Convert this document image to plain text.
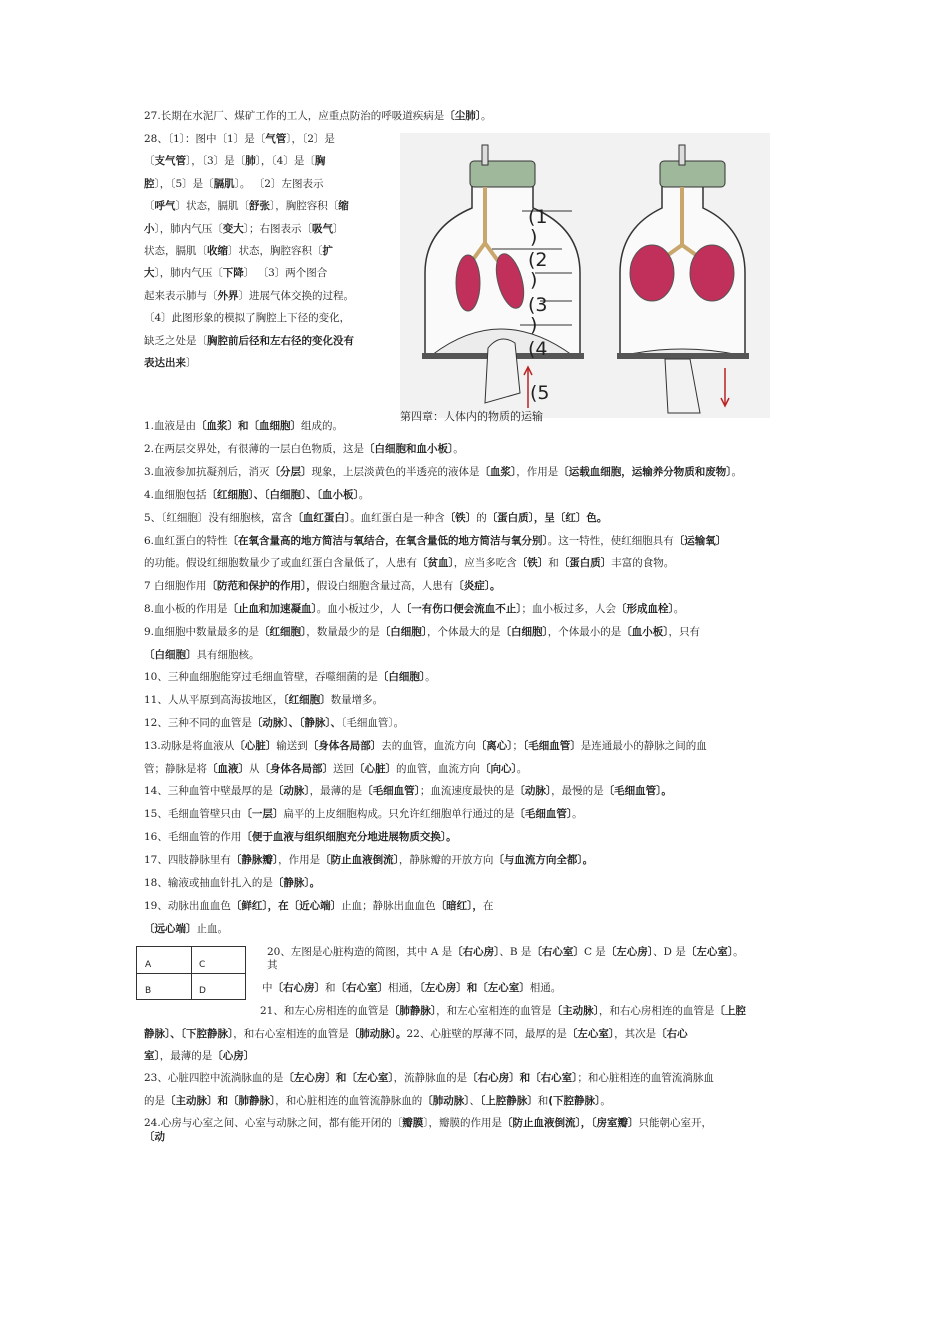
27.长期在水泥厂、煤矿工作的工人，应重点防治的呼吸道疾病是〔尘肺〕。
28、〔1〕：图中〔1〕是〔气管〕，〔2〕是
〔支气管〕，〔3〕是〔肺〕，〔4〕是〔胸
腔〕，〔5〕是〔膈肌〕。 〔2〕左图表示
〔呼气〕状态，膈肌〔舒张〕，胸腔容积〔缩
小〕，肺内气压〔变大〕；右图表示〔吸气〕
状态，膈肌〔收缩〕状态，胸腔容积〔扩
大〕，肺内气压〔下降〕 〔3〕两个图合
起来表示肺与〔外界〕进展气体交换的过程。
〔4〕此图形象的模拟了胸腔上下径的变化，
缺乏之处是〔胸腔前后径和左右径的变化没有
表达出来〕
(1
)
(2
)
(3
)
(4
(5
第四章：人体内的物质的运输
1.血液是由〔血浆〕和〔血细胞〕组成的。
2.在两层交界处，有很薄的一层白色物质，这是〔白细胞和血小板〕。
3.血液参加抗凝剂后，消灭〔分层〕现象，上层淡黄色的半透亮的液体是〔血浆〕，作用是〔运载血细胞，运输养分物质和废物〕。
4.血细胞包括〔红细胞〕、〔白细胞〕、〔血小板〕。
5、〔红细胞〕没有细胞核，富含〔血红蛋白〕。血红蛋白是一种含〔铁〕的〔蛋白质〕，呈〔红〕色。
6.血红蛋白的特性〔在氧含量高的地方简洁与氧结合，在氧含量低的地方简洁与氧分别〕。这一特性，使红细胞具有〔运输氧〕
的功能。假设红细胞数量少了或血红蛋白含量低了，人患有〔贫血〕，应当多吃含〔铁〕和〔蛋白质〕丰富的食物。
7 白细胞作用〔防范和保护的作用〕，假设白细胞含量过高，人患有〔炎症〕。
8.血小板的作用是〔止血和加速凝血〕。血小板过少，人〔一有伤口便会流血不止〕；血小板过多，人会〔形成血栓〕。
9.血细胞中数量最多的是〔红细胞〕，数量最少的是〔白细胞〕，个体最大的是〔白细胞〕，个体最小的是〔血小板〕，只有
〔白细胞〕具有细胞核。
10、三种血细胞能穿过毛细血管壁，吞噬细菌的是〔白细胞〕。
11、人从平原到高海拔地区，〔红细胞〕数量增多。
12、三种不同的血管是〔动脉〕、〔静脉〕、〔毛细血管〕。
13.动脉是将血液从〔心脏〕输送到〔身体各局部〕去的血管，血流方向〔离心〕；〔毛细血管〕是连通最小的静脉之间的血
管；静脉是将〔血液〕从〔身体各局部〕送回〔心脏〕的血管，血流方向〔向心〕。
14、三种血管中壁最厚的是〔动脉〕，最薄的是〔毛细血管〕；血流速度最快的是〔动脉〕，最慢的是〔毛细血管〕。
15、毛细血管壁只由〔一层〕扁平的上皮细胞构成。只允许红细胞单行通过的是〔毛细血管〕。
16、毛细血管的作用〔便于血液与组织细胞充分地进展物质交换〕。
17、四肢静脉里有〔静脉瓣〕，作用是〔防止血液倒流〕，静脉瓣的开放方向〔与血流方向全都〕。
18、输液或抽血针扎入的是〔静脉〕。
19、动脉出血血色〔鲜红〕，在〔近心端〕止血；静脉出血血色〔暗红〕，在
〔远心端〕止血。
A	C
B	D
20、左图是心脏构造的简图，其中 A 是〔右心房〕、B 是〔右心室〕C 是〔左心房〕、D 是〔左心室〕。
其
中〔右心房〕和〔右心室〕相通，〔左心房〕和〔左心室〕相通。
21、和左心房相连的血管是〔肺静脉〕，和左心室相连的血管是〔主动脉〕，和右心房相连的血管是〔上腔
静脉〕、〔下腔静脉〕，和右心室相连的血管是〔肺动脉〕。22、心脏壁的厚薄不同，最厚的是〔左心室〕，其次是〔右心
室〕，最薄的是〔心房〕
23、心脏四腔中流淌脉血的是〔左心房〕和〔左心室〕，流静脉血的是〔右心房〕和〔右心室〕；和心脏相连的血管流淌脉血
的是〔主动脉〕和〔肺静脉〕，和心脏相连的血管流静脉血的〔肺动脉〕、〔上腔静脉〕和(下腔静脉〕。
24.心房与心室之间、心室与动脉之间，都有能开闭的〔瓣膜〕，瓣膜的作用是〔防止血液倒流〕，〔房室瓣〕只能朝心室开，
〔动
